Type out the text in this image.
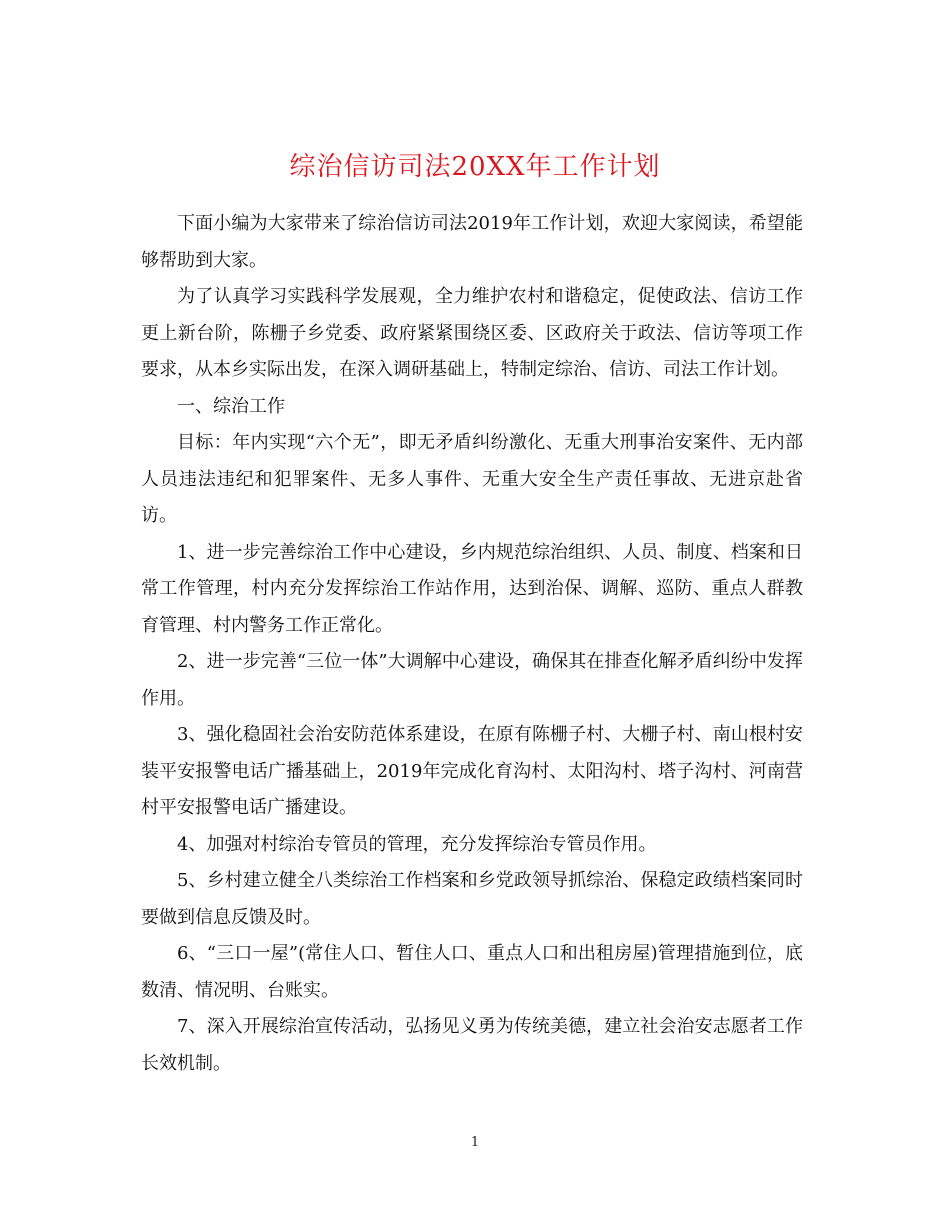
综治信访司法20XX年工作计划

下面小编为大家带来了综治信访司法2019年工作计划，欢迎大家阅读，希望能够帮助到大家。

为了认真学习实践科学发展观，全力维护农村和谐稳定，促使政法、信访工作更上新台阶，陈栅子乡党委、政府紧紧围绕区委、区政府关于政法、信访等项工作要求，从本乡实际出发，在深入调研基础上，特制定综治、信访、司法工作计划。

一、综治工作

目标：年内实现“六个无”，即无矛盾纠纷激化、无重大刑事治安案件、无内部人员违法违纪和犯罪案件、无多人事件、无重大安全生产责任事故、无进京赴省访。

1、进一步完善综治工作中心建设，乡内规范综治组织、人员、制度、档案和日常工作管理，村内充分发挥综治工作站作用，达到治保、调解、巡防、重点人群教育管理、村内警务工作正常化。

2、进一步完善“三位一体”大调解中心建设，确保其在排查化解矛盾纠纷中发挥作用。

3、强化稳固社会治安防范体系建设，在原有陈栅子村、大栅子村、南山根村安装平安报警电话广播基础上，2019年完成化育沟村、太阳沟村、塔子沟村、河南营村平安报警电话广播建设。

4、加强对村综治专管员的管理，充分发挥综治专管员作用。

5、乡村建立健全八类综治工作档案和乡党政领导抓综治、保稳定政绩档案同时要做到信息反馈及时。

6、“三口一屋”(常住人口、暂住人口、重点人口和出租房屋)管理措施到位，底数清、情况明、台账实。

7、深入开展综治宣传活动，弘扬见义勇为传统美德，建立社会治安志愿者工作长效机制。

1
